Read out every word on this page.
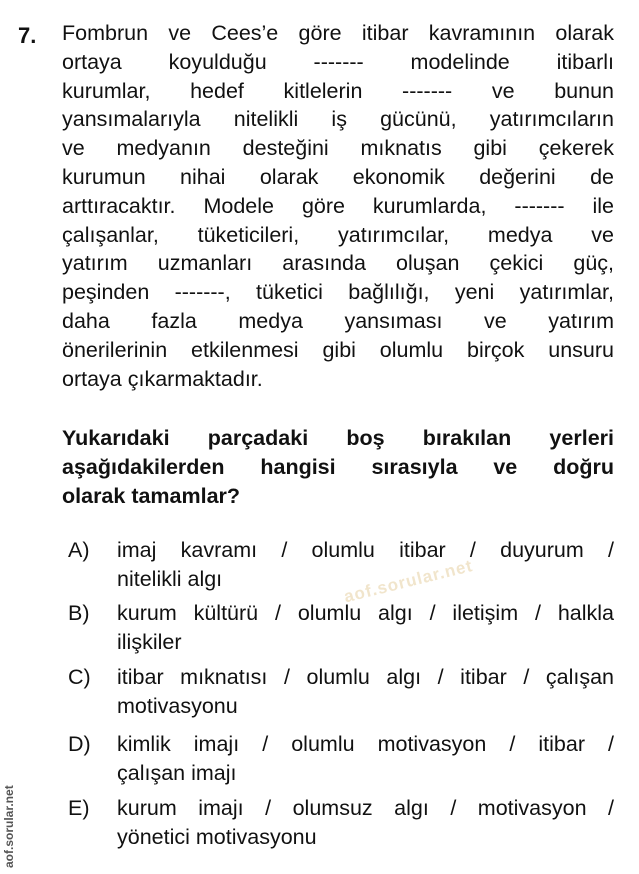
7. Fombrun ve Cees’e göre itibar kavramının olarak
ortaya koyulduğu ------- modelinde itibarlı
kurumlar, hedef kitlelerin ------- ve bunun
yansımalarıyla nitelikli iş gücünü, yatırımcıların
ve medyanın desteğini mıknatıs gibi çekerek
kurumun nihai olarak ekonomik değerini de
arttıracaktır. Modele göre kurumlarda, ------- ile
çalışanlar, tüketicileri, yatırımcılar, medya ve
yatırım uzmanları arasında oluşan çekici güç,
peşinden -------, tüketici bağlılığı, yeni yatırımlar,
daha fazla medya yansıması ve yatırım
önerilerinin etkilenmesi gibi olumlu birçok unsuru
ortaya çıkarmaktadır.
Yukarıdaki parçadaki boş bırakılan yerleri
aşağıdakilerden hangisi sırasıyla ve doğru
olarak tamamlar?
A) imaj kavramı / olumlu itibar / duyurum /
nitelikli algı
B) kurum kültürü / olumlu algı / iletişim / halkla
ilişkiler
C) itibar mıknatısı / olumlu algı / itibar / çalışan
motivasyonu
D) kimlik imajı / olumlu motivasyon / itibar /
çalışan imajı
E) kurum imajı / olumsuz algı / motivasyon /
yönetici motivasyonu
aof.sorular.net
aof.sorular.net
